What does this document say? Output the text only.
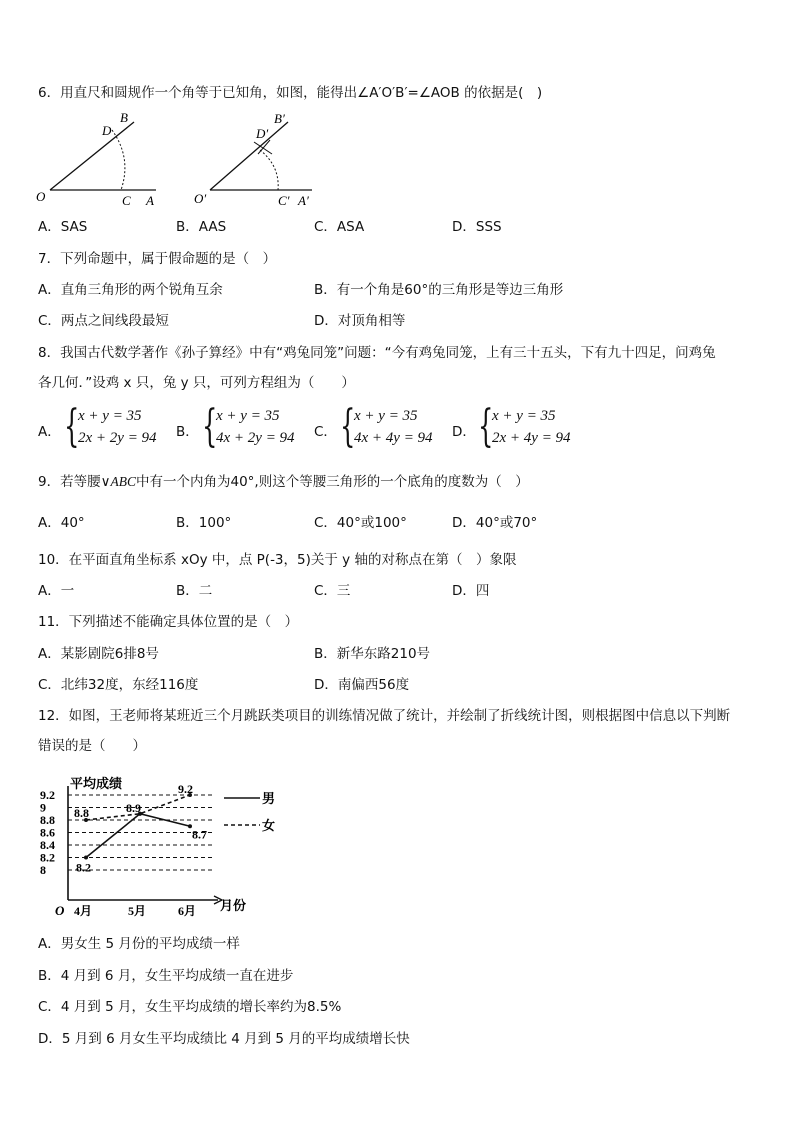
6．用直尺和圆规作一个角等于已知角，如图，能得出∠A′O′B′=∠AOB 的依据是(　)
O	C A
D
B
O′	C′ A′
D′
B′
A．SAS	B．AAS	C．ASA	D．SSS
7．下列命题中，属于假命题的是（　）
A．直角三角形的两个锐角互余	B．有一个角是60°的三角形是等边三角形
C．两点之间线段最短	D．对顶角相等
8．我国古代数学著作《孙子算经》中有“鸡兔同笼”问题：“今有鸡兔同笼，上有三十五头，下有九十四足，问鸡兔
各几何．”设鸡 x 只，兔 y 只，可列方程组为（　　）
A． {
x + y = 35
2x + 2y = 94 B． {
x + y = 35
4x + 2y = 94 C． {
x + y = 35
4x + 4y = 94 D． {
x + y = 35
2x + 4y = 94
9．若等腰∨ABC中有一个内角为40°,则这个等腰三角形的一个底角的度数为（　）
A．40°	B．100°	C．40°或100°	D．40°或70°
10．在平面直角坐标系 xOy 中，点 P(-3，5)关于 y 轴的对称点在第（　）象限
A．一	B．二	C．三	D．四
11．下列描述不能确定具体位置的是（　）
A．某影剧院6排8号	B．新华东路210号
C．北纬32度，东经116度	D．南偏西56度
12．如图，王老师将某班近三个月跳跃类项目的训练情况做了统计，并绘制了折线统计图，则根据图中信息以下判断
错误的是（　　）
平均成绩
O	月份
9.2
9
8.8
8.6
8.4
8.2
8
4月	5月	6月
8.2
8.9
8.7
8.8
9.2
男
女
A．男女生 5 月份的平均成绩一样
B．4 月到 6 月，女生平均成绩一直在进步
C．4 月到 5 月，女生平均成绩的增长率约为8.5%
D．5 月到 6 月女生平均成绩比 4 月到 5 月的平均成绩增长快
